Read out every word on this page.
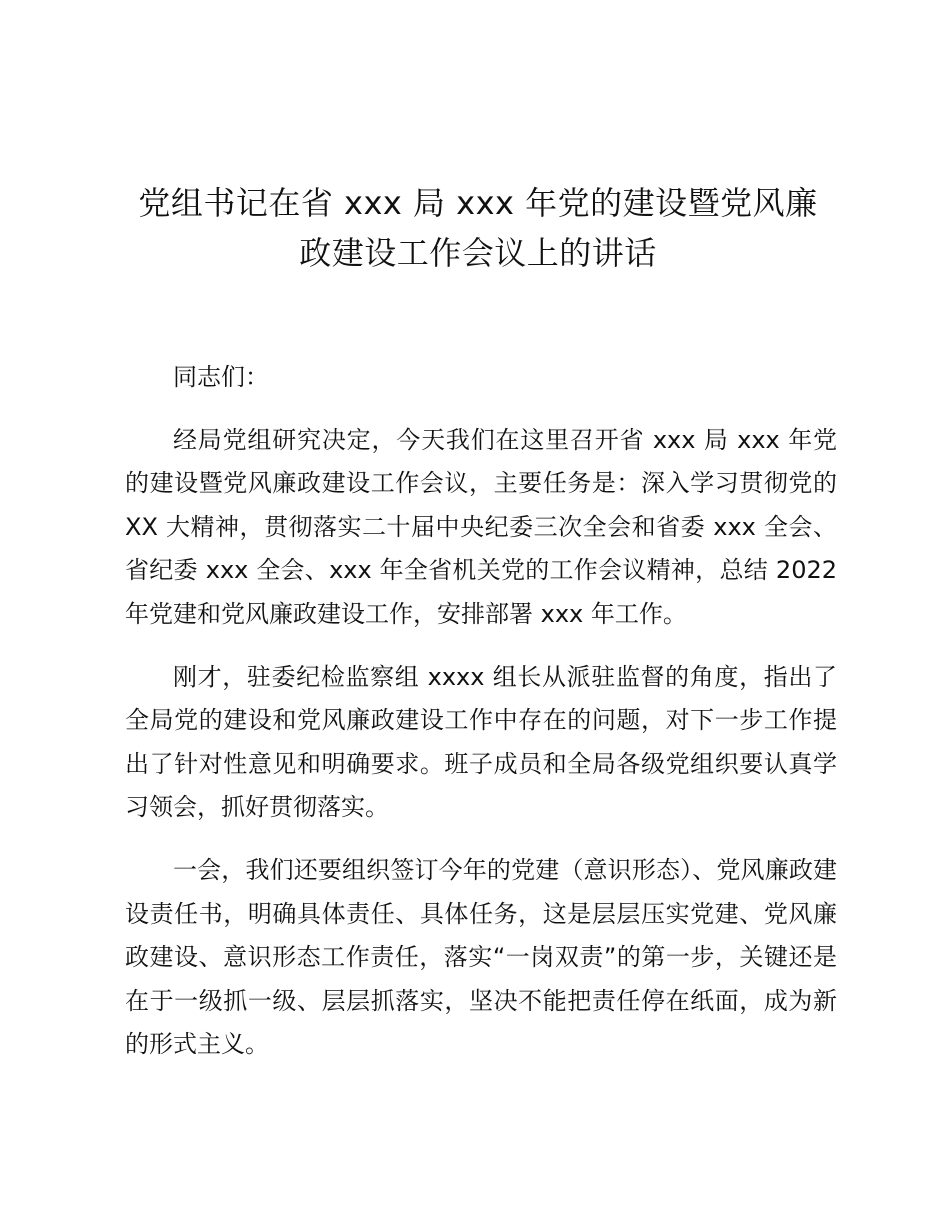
党组书记在省 xxx 局 xxx 年党的建设暨党风廉
政建设工作会议上的讲话

同志们：

经局党组研究决定，今天我们在这里召开省 xxx 局 xxx 年党的建设暨党风廉政建设工作会议，主要任务是：深入学习贯彻党的 XX 大精神，贯彻落实二十届中央纪委三次全会和省委 xxx 全会、省纪委 xxx 全会、xxx 年全省机关党的工作会议精神，总结 2022 年党建和党风廉政建设工作，安排部署 xxx 年工作。

刚才，驻委纪检监察组 xxxx 组长从派驻监督的角度，指出了全局党的建设和党风廉政建设工作中存在的问题，对下一步工作提出了针对性意见和明确要求。班子成员和全局各级党组织要认真学习领会，抓好贯彻落实。

一会，我们还要组织签订今年的党建（意识形态）、党风廉政建设责任书，明确具体责任、具体任务，这是层层压实党建、党风廉政建设、意识形态工作责任，落实“一岗双责”的第一步，关键还是在于一级抓一级、层层抓落实，坚决不能把责任停在纸面，成为新的形式主义。
